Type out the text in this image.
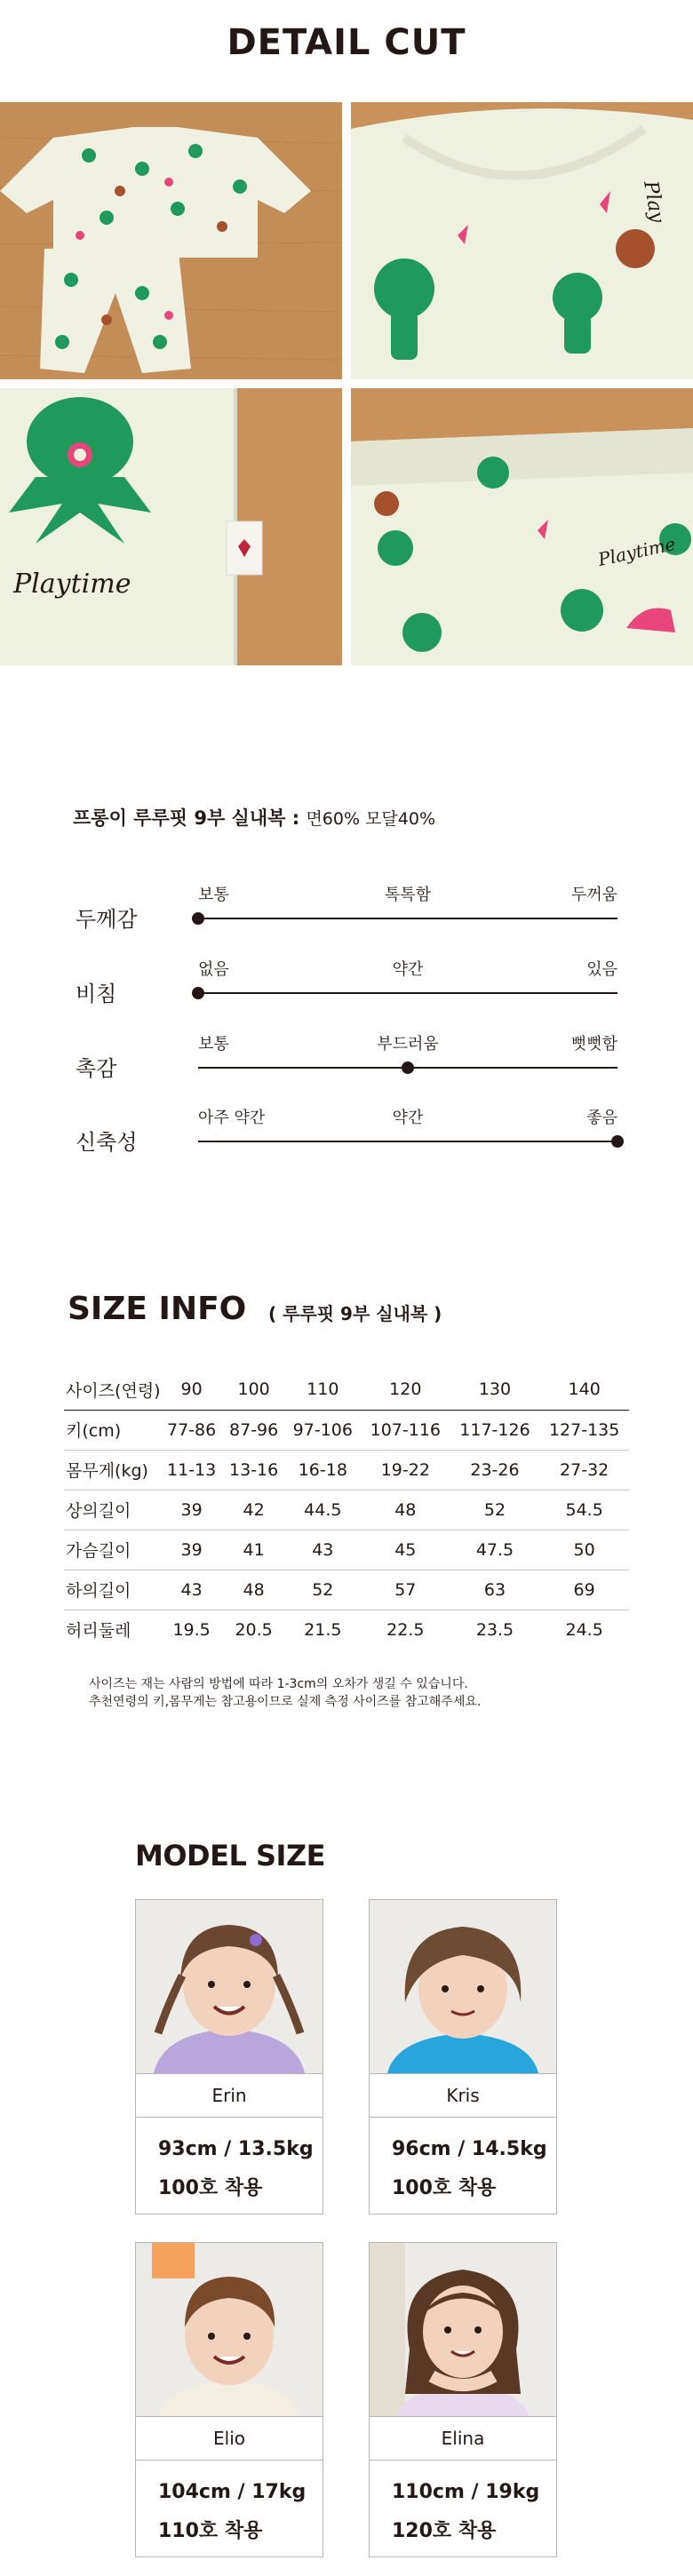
DETAIL CUT
Play
Playtime
Playtime
프롱이 루루핏 9부 실내복 : 면60% 모달40%
두께감
보통	톡톡함	두꺼움
비침
없음	약간	있음
촉감
보통	부드러움	뻣뻣함
신축성
아주 약간	약간	좋음
SIZE INFO ( 루루핏 9부 실내복 )
사이즈(연령)	90	100	110	120	130	140
키(cm)	77-86	87-96	97-106	107-116	117-126	127-135
몸무게(kg)	11-13	13-16	16-18	19-22	23-26	27-32
상의길이	39	42	44.5	48	52	54.5
가슴길이	39	41	43	45	47.5	50
하의길이	43	48	52	57	63	69
허리둘레	19.5	20.5	21.5	22.5	23.5	24.5
사이즈는 재는 사람의 방법에 따라 1-3cm의 오차가 생길 수 있습니다.
추천연령의 키,몸무게는 참고용이므로 실제 측정 사이즈를 참고해주세요.
MODEL SIZE
Erin
93cm / 13.5kg
100호 착용
Kris
96cm / 14.5kg
100호 착용
Elio
104cm / 17kg
110호 착용
Elina
110cm / 19kg
120호 착용
